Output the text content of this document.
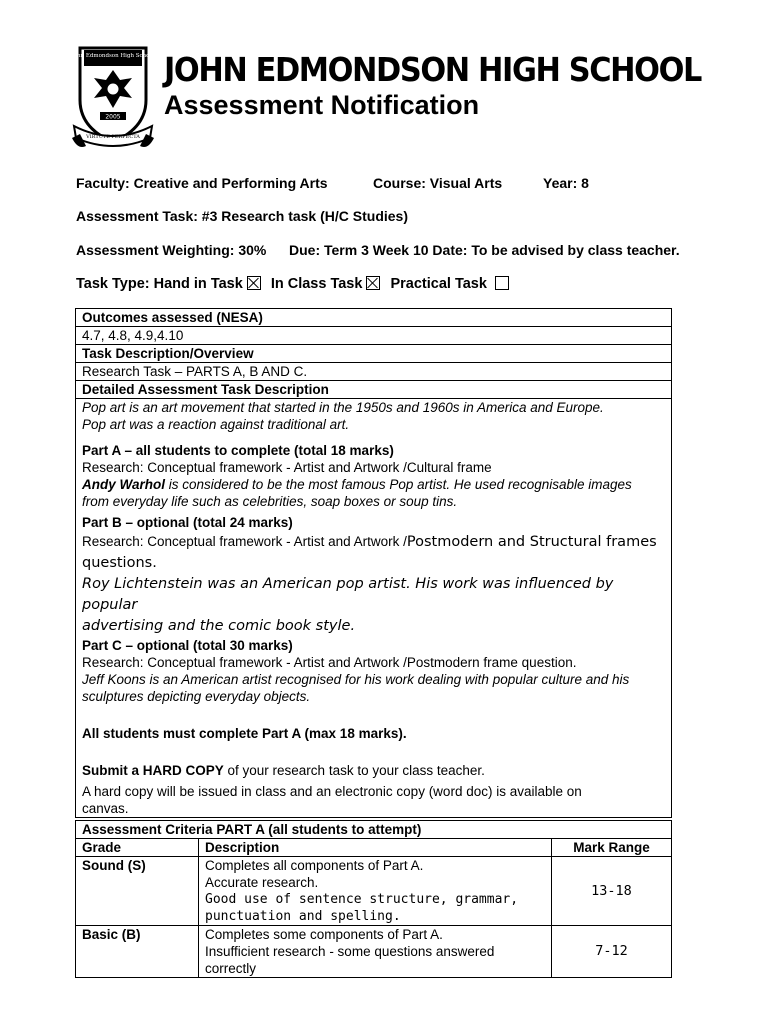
John Edmondson High School
2005
VIRTUTE PERFECTA
JOHN EDMONDSON HIGH SCHOOL
Assessment Notification
Faculty: Creative and Performing Arts	Course: Visual Arts	Year: 8
Assessment Task: #3 Research task (H/C Studies)
Assessment Weighting: 30% Due: Term 3 Week 10 Date: To be advised by class teacher.
Task Type: Hand in Task In Class Task Practical Task
Outcomes assessed (NESA)
4.7, 4.8, 4.9,4.10
Task Description/Overview
Research Task – PARTS A, B AND C.
Detailed Assessment Task Description

Pop art is an art movement that started in the 1950s and 1960s in America and Europe.

Pop art was a reaction against traditional art.

Part A – all students to complete (total 18 marks)

Research: Conceptual framework - Artist and Artwork /Cultural frame

Andy Warhol is considered to be the most famous Pop artist. He used recognisable images

from everyday life such as celebrities, soap boxes or soup tins.

Part B – optional (total 24 marks)

Research: Conceptual framework - Artist and Artwork /Postmodern and Structural frames

questions.

Roy Lichtenstein was an American pop artist. His work was influenced by popular

advertising and the comic book style.

Part C – optional (total 30 marks)

Research: Conceptual framework - Artist and Artwork /Postmodern frame question.

Jeff Koons is an American artist recognised for his work dealing with popular culture and his

sculptures depicting everyday objects.

All students must complete Part A (max 18 marks).

Submit a HARD COPY of your research task to your class teacher.

A hard copy will be issued in class and an electronic copy (word doc) is available on

canvas.

Assessment Criteria PART A (all students to attempt)		
Grade	Description	Mark Range
Sound (S)	Completes all components of Part A.
Accurate research.
Good use of sentence structure, grammar,
punctuation and spelling.	13-18
Basic (B)	Completes some components of Part A.
Insufficient research - some questions answered
correctly	7-12
